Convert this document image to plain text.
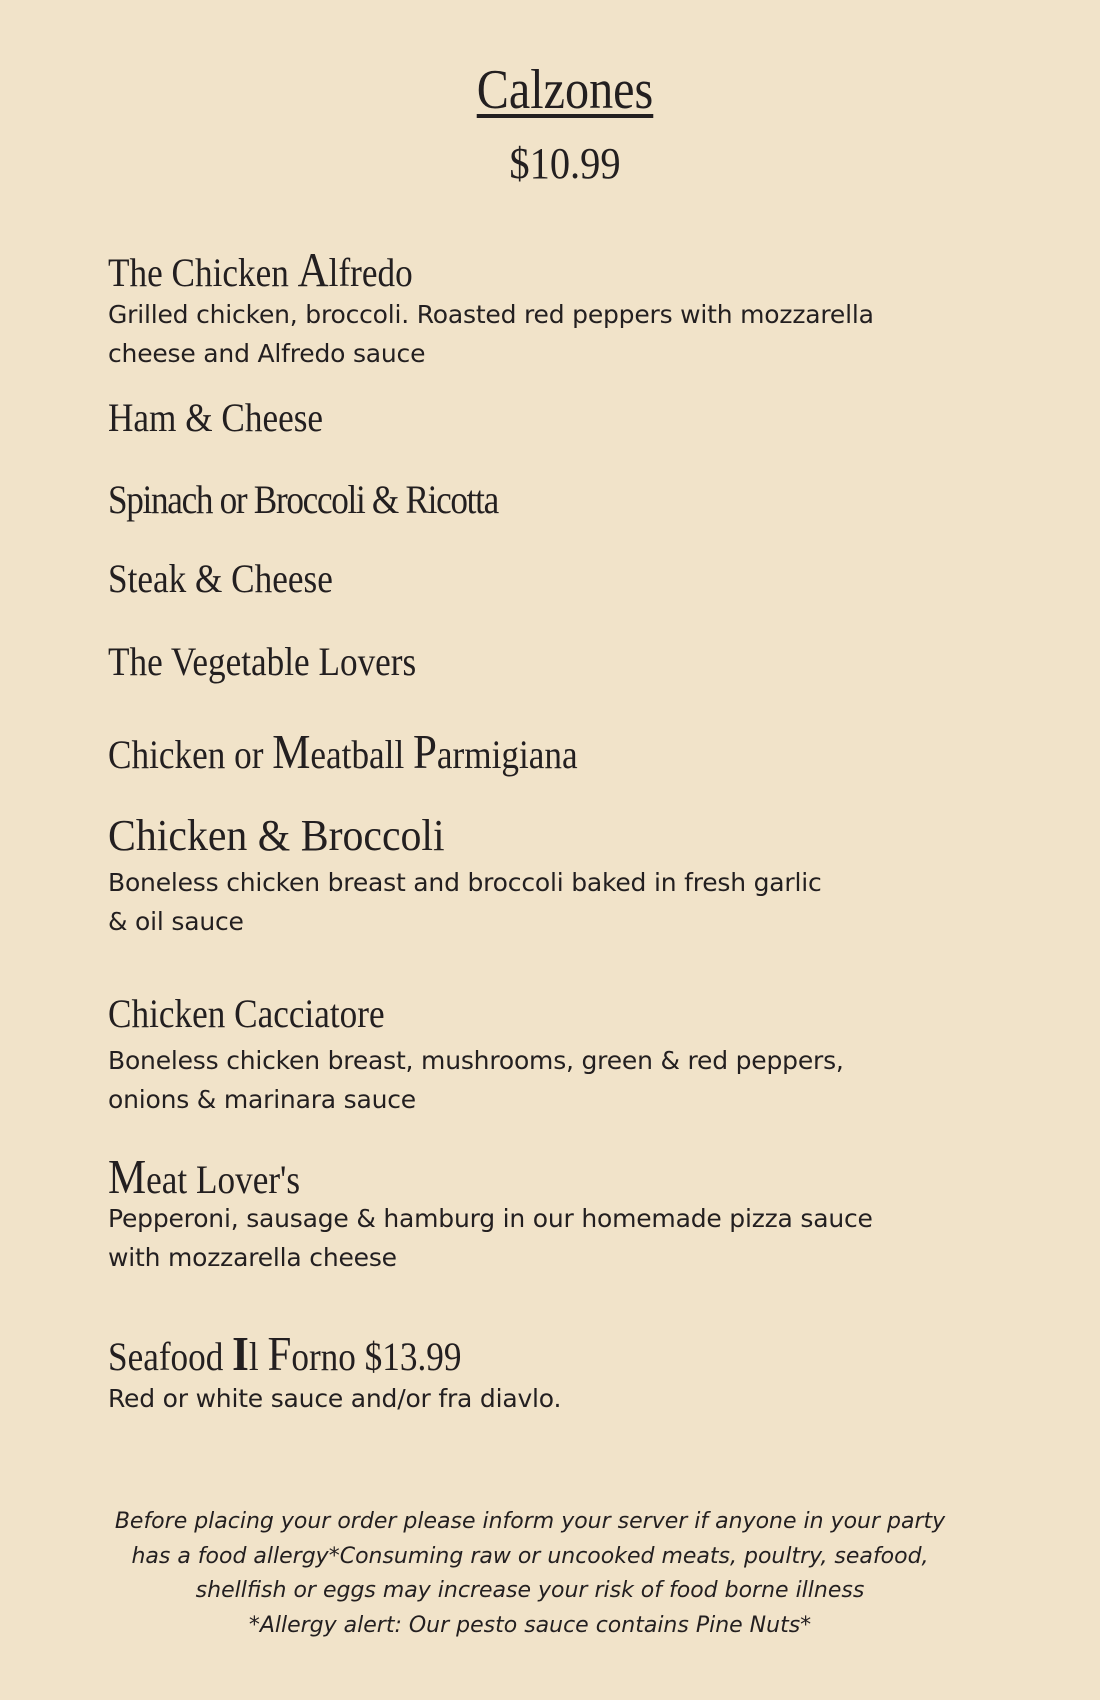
Calzones
$10.99
The Chicken Alfredo
Grilled chicken, broccoli. Roasted red peppers with mozzarella
cheese and Alfredo sauce
Ham & Cheese
Spinach or Broccoli & Ricotta
Steak & Cheese
The Vegetable Lovers
Chicken or Meatball Parmigiana
Chicken & Broccoli
Boneless chicken breast and broccoli baked in fresh garlic
& oil sauce
Chicken Cacciatore
Boneless chicken breast, mushrooms, green & red peppers,
onions & marinara sauce
Meat Lover's
Pepperoni, sausage & hamburg in our homemade pizza sauce
with mozzarella cheese
Seafood Il Forno $13.99
Red or white sauce and/or fra diavlo.
Before placing your order please inform your server if anyone in your party
has a food allergy*Consuming raw or uncooked meats, poultry, seafood,
shellfish or eggs may increase your risk of food borne illness
*Allergy alert: Our pesto sauce contains Pine Nuts*
